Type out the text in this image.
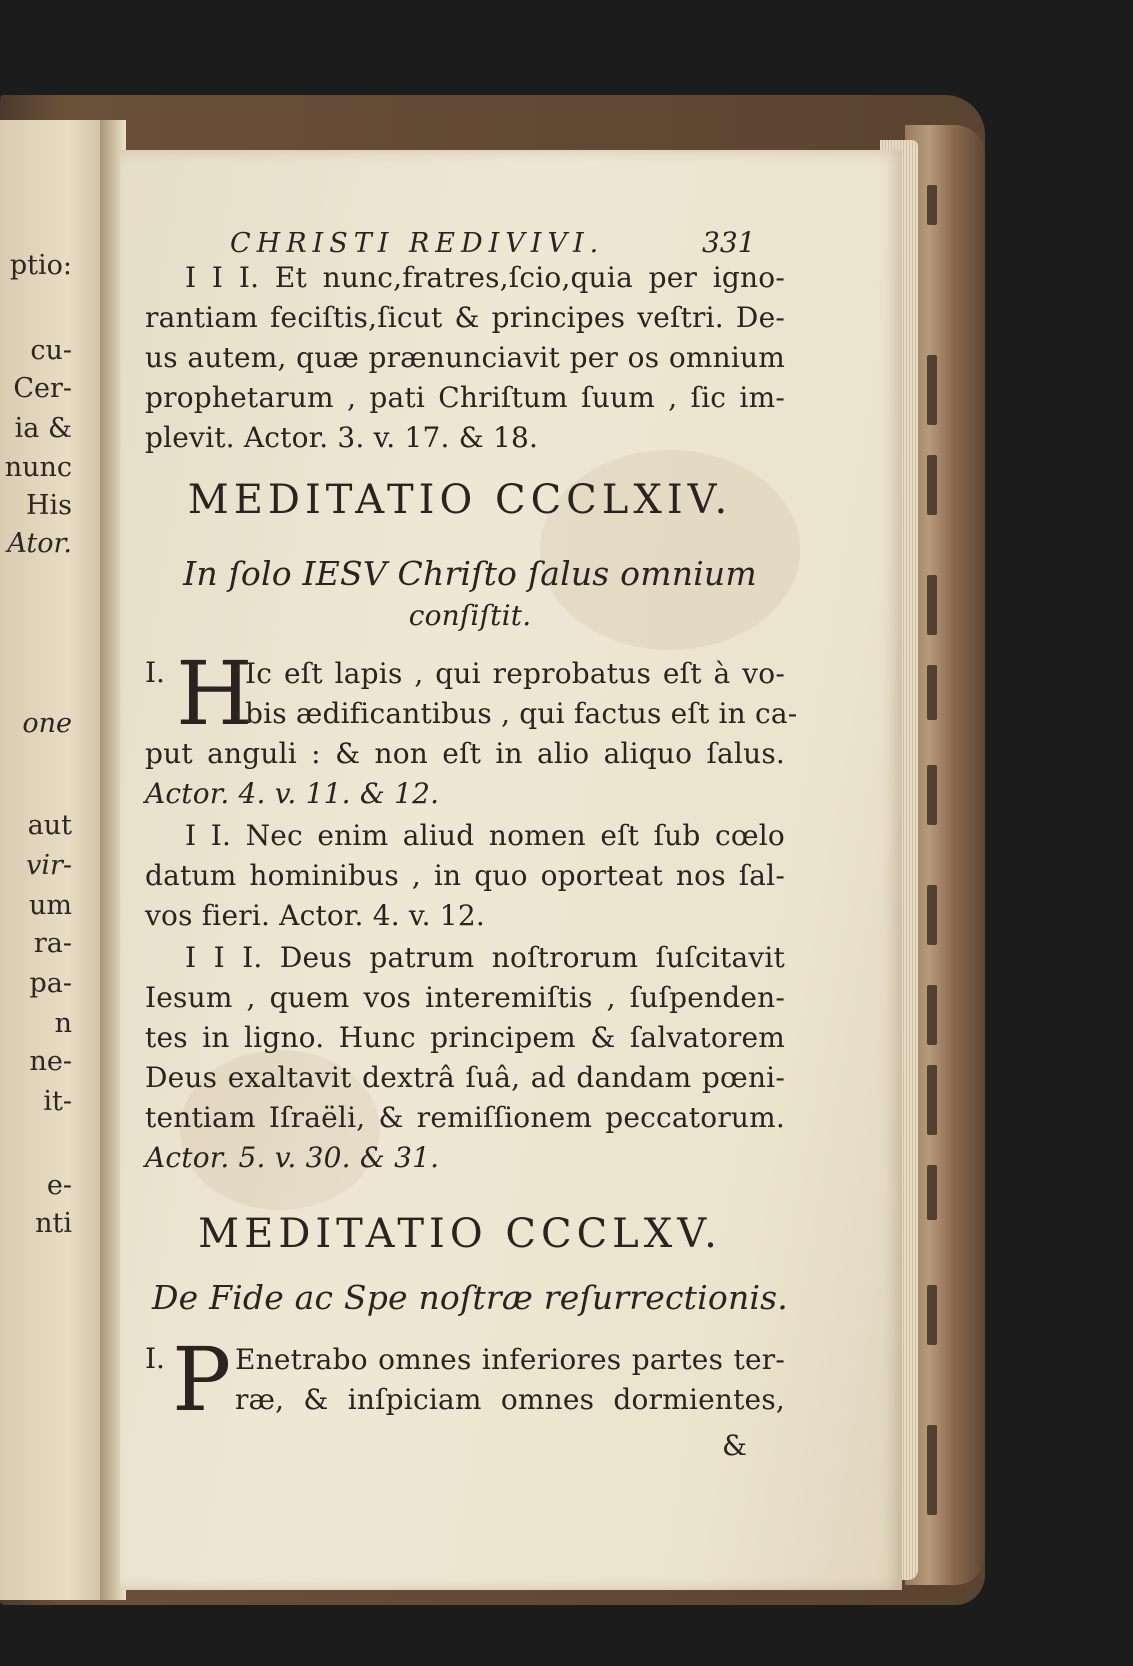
ptio:
cu-
Cer-
ia &
nunc
His
Ator.
one
aut
vir-
um
ra-
pa-
n
ne-
it-
e-
nti
CHRISTI REDIVIVI.	331
I I I. Et nunc,fratres,ſcio,quia per igno-
rantiam feciſtis,ſicut & principes veſtri. De-
us autem, quæ prænunciavit per os omnium
prophetarum , pati Chriſtum ſuum , ſic im-
plevit. Actor. 3. v. 17. & 18.
MEDITATIO CCCLXIV.
In ſolo IESV Chriſto ſalus omnium
conſiſtit.
I. H
Ic eſt lapis , qui reprobatus eſt à vo-
bis ædificantibus , qui factus eſt in ca-
put anguli : & non eſt in alio aliquo ſalus.
Actor. 4. v. 11. & 12.
I I. Nec enim aliud nomen eſt ſub cœlo
datum hominibus , in quo oporteat nos ſal-
vos fieri. Actor. 4. v. 12.
I I I. Deus patrum noſtrorum ſuſcitavit
Iesum , quem vos interemiſtis , ſuſpenden-
tes in ligno. Hunc principem & ſalvatorem
Deus exaltavit dextrâ ſuâ, ad dandam pœni-
tentiam Iſraëli, & remiſſionem peccatorum.
Actor. 5. v. 30. & 31.
MEDITATIO CCCLXV.
De Fide ac Spe noſtræ reſurrectionis.
I. P Enetrabo omnes inferiores partes ter-
ræ, & inſpiciam omnes dormientes,
&
